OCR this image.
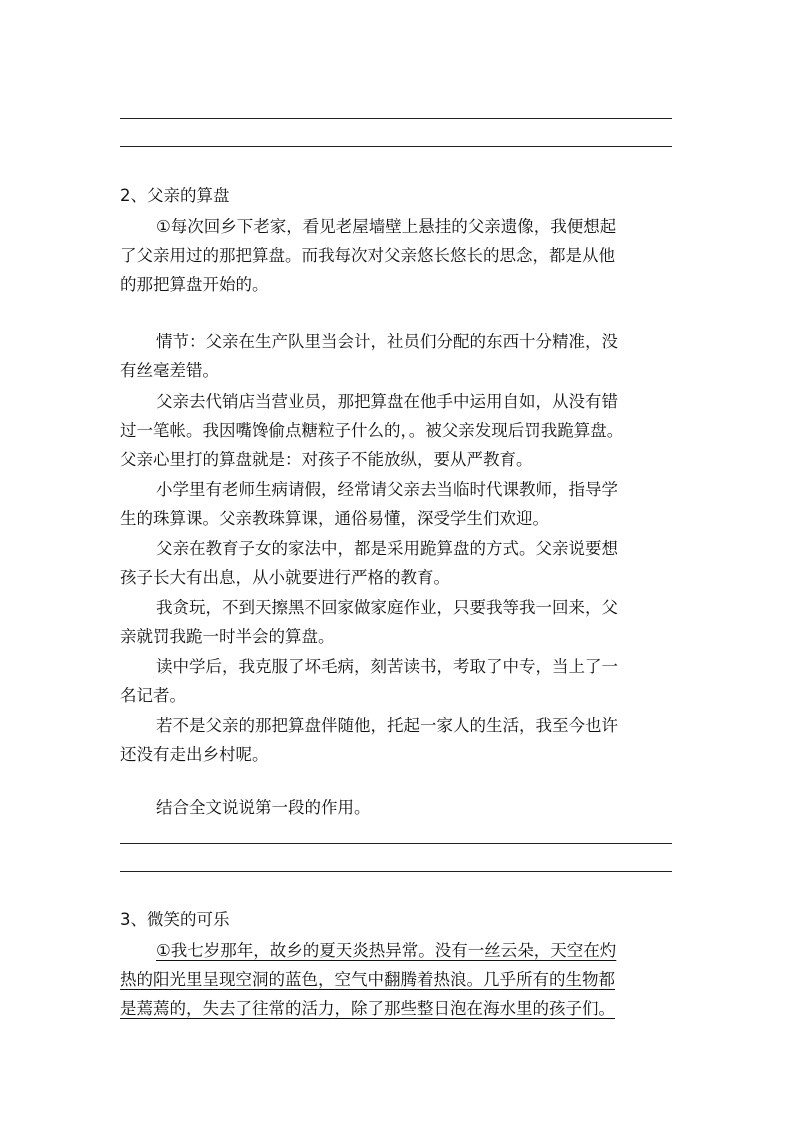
2、父亲的算盘

①每次回乡下老家，看见老屋墙壁上悬挂的父亲遗像，我便想起

了父亲用过的那把算盘。而我每次对父亲悠长悠长的思念，都是从他

的那把算盘开始的。

情节：父亲在生产队里当会计，社员们分配的东西十分精准，没

有丝毫差错。

父亲去代销店当营业员，那把算盘在他手中运用自如，从没有错

过一笔帐。我因嘴馋偷点糖粒子什么的，。被父亲发现后罚我跪算盘。

父亲心里打的算盘就是：对孩子不能放纵，要从严教育。

小学里有老师生病请假，经常请父亲去当临时代课教师，指导学

生的珠算课。父亲教珠算课，通俗易懂，深受学生们欢迎。

父亲在教育子女的家法中，都是采用跪算盘的方式。父亲说要想

孩子长大有出息，从小就要进行严格的教育。

我贪玩，不到天擦黑不回家做家庭作业，只要我等我一回来，父

亲就罚我跪一时半会的算盘。

读中学后，我克服了坏毛病，刻苦读书，考取了中专，当上了一

名记者。

若不是父亲的那把算盘伴随他，托起一家人的生活，我至今也许

还没有走出乡村呢。

结合全文说说第一段的作用。

3、微笑的可乐

①我七岁那年，故乡的夏天炎热异常。没有一丝云朵，天空在灼

热的阳光里呈现空洞的蓝色，空气中翻腾着热浪。几乎所有的生物都

是蔫蔫的，失去了往常的活力，除了那些整日泡在海水里的孩子们。
